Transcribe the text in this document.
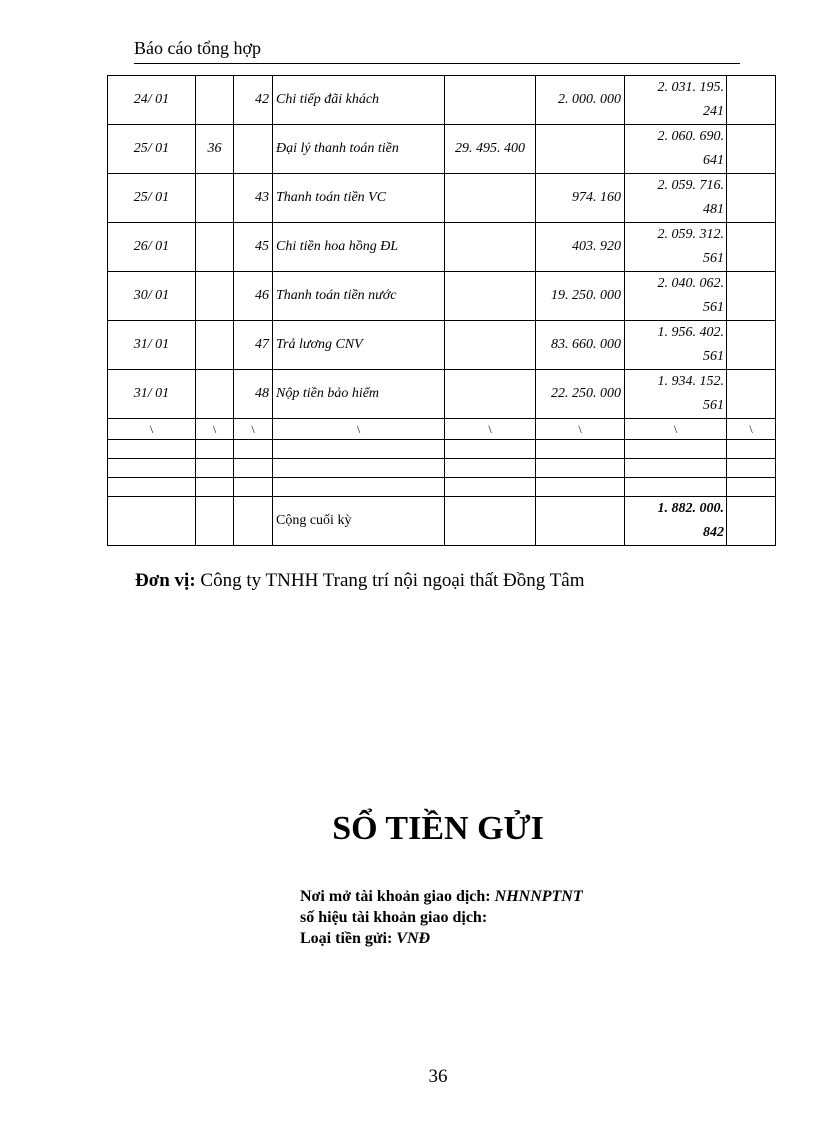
Báo cáo tổng hợp
24/ 01		42	Chi tiếp đãi khách		2. 000. 000	2. 031. 195.
241	

25/ 01	36		Đại lý thanh toán tiền	29. 495. 400		2. 060. 690.
641	

25/ 01		43	Thanh toán tiền VC		974. 160	2. 059. 716.
481	

26/ 01		45	Chi tiền hoa hồng ĐL		403. 920	2. 059. 312.
561	

30/ 01		46	Thanh toán tiền nước		19. 250. 000	2. 040. 062.
561	

31/ 01		47	Trả lương CNV		83. 660. 000	1. 956. 402.
561	

31/ 01		48	Nộp tiền bảo hiểm		22. 250. 000	1. 934. 152.
561	

\	\	\	\	\	\	\	\

			Cộng cuối kỳ			1. 882. 000.
842	

Đơn vị: Công ty TNHH Trang trí nội ngoại thất Đồng Tâm
SỔ TIỀN GỬI
Nơi mở tài khoản giao dịch: NHNNPTNT
số hiệu tài khoản giao dịch:
Loại tiền gửi: VNĐ
36
